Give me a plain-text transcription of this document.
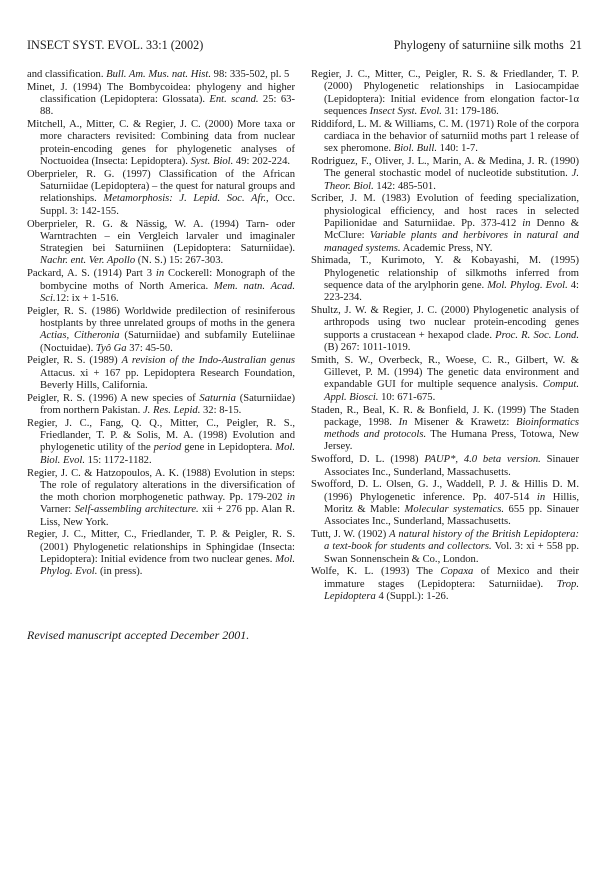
INSECT SYST. EVOL. 33:1 (2002)	Phylogeny of saturniine silk moths 21

and classification. Bull. Am. Mus. nat. Hist. 98: 335-502, pl. 5

Minet, J. (1994) The Bombycoidea: phylogeny and higher classification (Lepidoptera: Glossata). Ent. scand. 25: 63-88.

Mitchell, A., Mitter, C. & Regier, J. C. (2000) More taxa or more characters revisited: Combining data from nuclear protein-encoding genes for phylogenetic analyses of Noctuoidea (Insecta: Lepidoptera). Syst. Biol. 49: 202-224.

Oberprieler, R. G. (1997) Classification of the African Saturniidae (Lepidoptera) – the quest for natural groups and relationships. Metamorphosis: J. Lepid. Soc. Afr., Occ. Suppl. 3: 142-155.

Oberprieler, R. G. & Nässig, W. A. (1994) Tarn- oder Warntrachten – ein Vergleich larvaler und imaginaler Strategien bei Saturniinen (Lepidoptera: Saturniidae). Nachr. ent. Ver. Apollo (N. S.) 15: 267-303.

Packard, A. S. (1914) Part 3 in Cockerell: Monograph of the bombycine moths of North America. Mem. natn. Acad. Sci.12: ix + 1-516.

Peigler, R. S. (1986) Worldwide predilection of resiniferous hostplants by three unrelated groups of moths in the genera Actias, Citheronia (Saturniidae) and subfamily Euteliinae (Noctuidae). Tyô Ga 37: 45-50.

Peigler, R. S. (1989) A revision of the Indo-Australian genus Attacus. xi + 167 pp. Lepidoptera Research Foundation, Beverly Hills, California.

Peigler, R. S. (1996) A new species of Saturnia (Saturniidae) from northern Pakistan. J. Res. Lepid. 32: 8-15.

Regier, J. C., Fang, Q. Q., Mitter, C., Peigler, R. S., Friedlander, T. P. & Solis, M. A. (1998) Evolution and phylogenetic utility of the period gene in Lepidoptera. Mol. Biol. Evol. 15: 1172-1182.

Regier, J. C. & Hatzopoulos, A. K. (1988) Evolution in steps: The role of regulatory alterations in the diversification of the moth chorion morphogenetic pathway. Pp. 179-202 in Varner: Self-assembling architecture. xii + 276 pp. Alan R. Liss, New York.

Regier, J. C., Mitter, C., Friedlander, T. P. & Peigler, R. S. (2001) Phylogenetic relationships in Sphingidae (Insecta: Lepidoptera): Initial evidence from two nuclear genes. Mol. Phylog. Evol. (in press).

Regier, J. C., Mitter, C., Peigler, R. S. & Friedlander, T. P. (2000) Phylogenetic relationships in Lasiocampidae (Lepidoptera): Initial evidence from elongation factor-1α sequences Insect Syst. Evol. 31: 179-186.

Riddiford, L. M. & Williams, C. M. (1971) Role of the corpora cardiaca in the behavior of saturniid moths part 1 release of sex pheromone. Biol. Bull. 140: 1-7.

Rodriguez, F., Oliver, J. L., Marin, A. & Medina, J. R. (1990) The general stochastic model of nucleotide substitution. J. Theor. Biol. 142: 485-501.

Scriber, J. M. (1983) Evolution of feeding specialization, physiological efficiency, and host races in selected Papilionidae and Saturniidae. Pp. 373-412 in Denno & McClure: Variable plants and herbivores in natural and managed systems. Academic Press, NY.

Shimada, T., Kurimoto, Y. & Kobayashi, M. (1995) Phylogenetic relationship of silkmoths inferred from sequence data of the arylphorin gene. Mol. Phylog. Evol. 4: 223-234.

Shultz, J. W. & Regier, J. C. (2000) Phylogenetic analysis of arthropods using two nuclear protein-encoding genes supports a crustacean + hexapod clade. Proc. R. Soc. Lond. (B) 267: 1011-1019.

Smith, S. W., Overbeck, R., Woese, C. R., Gilbert, W. & Gillevet, P. M. (1994) The genetic data environment and expandable GUI for multiple sequence analysis. Comput. Appl. Biosci. 10: 671-675.

Staden, R., Beal, K. R. & Bonfield, J. K. (1999) The Staden package, 1998. In Misener & Krawetz: Bioinformatics methods and protocols. The Humana Press, Totowa, New Jersey.

Swofford, D. L. (1998) PAUP*, 4.0 beta version. Sinauer Associates Inc., Sunderland, Massachusetts.

Swofford, D. L. Olsen, G. J., Waddell, P. J. & Hillis D. M. (1996) Phylogenetic inference. Pp. 407-514 in Hillis, Moritz & Mable: Molecular systematics. 655 pp. Sinauer Associates Inc., Sunderland, Massachusetts.

Tutt, J. W. (1902) A natural history of the British Lepidoptera: a text-book for students and collectors. Vol. 3: xi + 558 pp. Swan Sonnenschein & Co., London.

Wolfe, K. L. (1993) The Copaxa of Mexico and their immature stages (Lepidoptera: Saturniidae). Trop. Lepidoptera 4 (Suppl.): 1-26.

Revised manuscript accepted December 2001.
